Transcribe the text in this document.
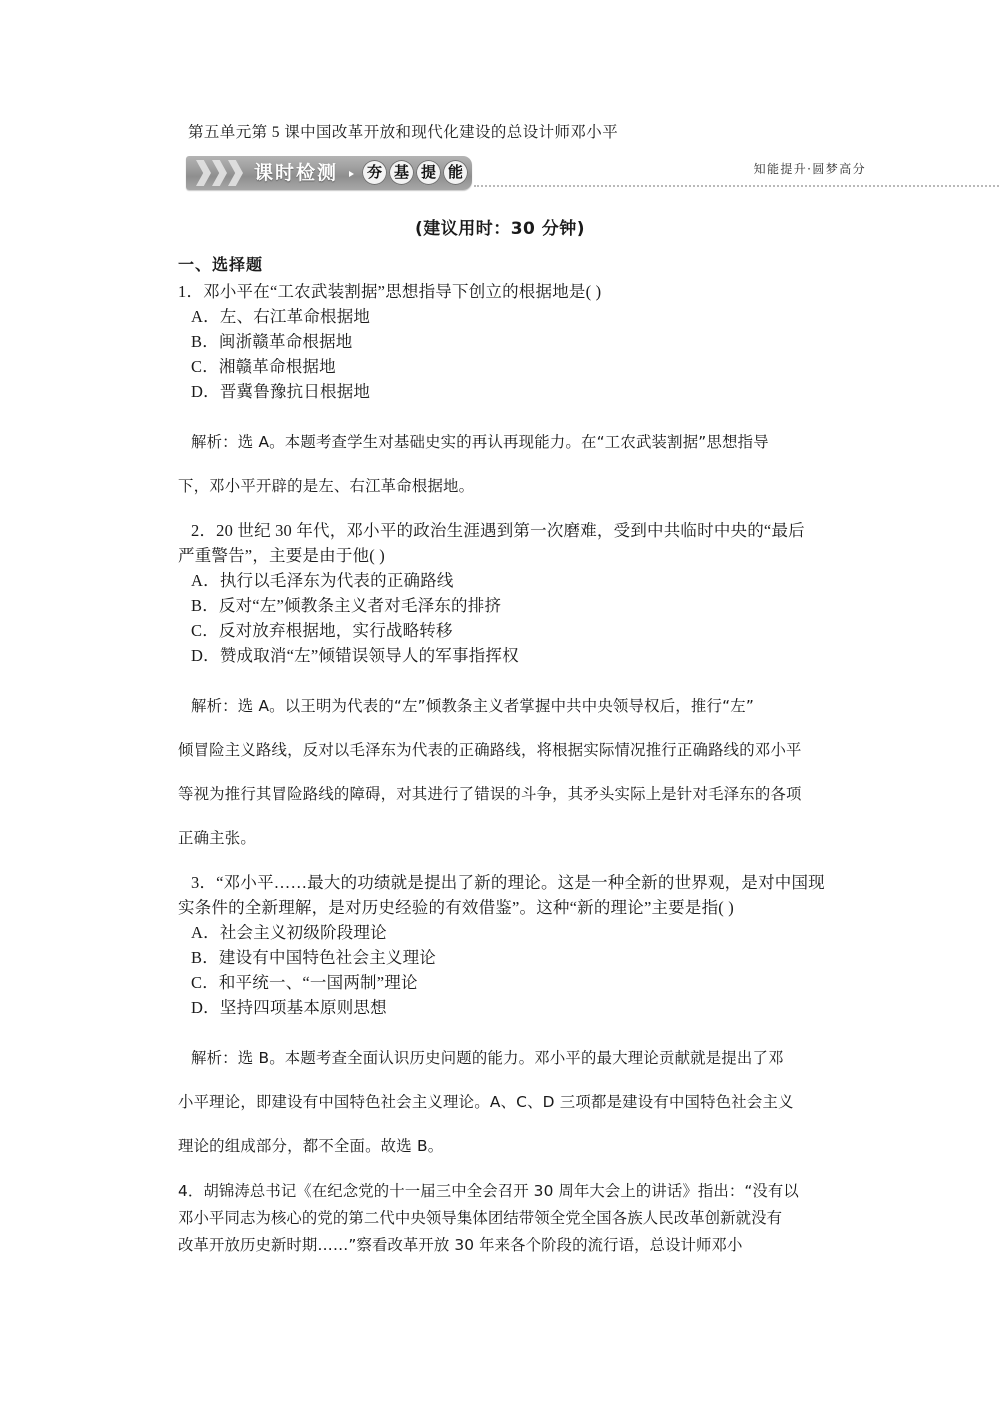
第五单元第 5 课中国改革开放和现代化建设的总设计师邓小平
课时检测	夯 基 提 能	知能提升·圆梦高分
(建议用时：30 分钟)
一、选择题
1．邓小平在“工农武装割据”思想指导下创立的根据地是( )
A．左、右江革命根据地
B．闽浙赣革命根据地
C．湘赣革命根据地
D．晋冀鲁豫抗日根据地
解析：选 A。本题考查学生对基础史实的再认再现能力。在“工农武装割据”思想指导
下，邓小平开辟的是左、右江革命根据地。
2．20 世纪 30 年代，邓小平的政治生涯遇到第一次磨难，受到中共临时中央的“最后
严重警告”，主要是由于他( )
A．执行以毛泽东为代表的正确路线
B．反对“左”倾教条主义者对毛泽东的排挤
C．反对放弃根据地，实行战略转移
D．赞成取消“左”倾错误领导人的军事指挥权
解析：选 A。以王明为代表的“左”倾教条主义者掌握中共中央领导权后，推行“左”
倾冒险主义路线，反对以毛泽东为代表的正确路线，将根据实际情况推行正确路线的邓小平
等视为推行其冒险路线的障碍，对其进行了错误的斗争，其矛头实际上是针对毛泽东的各项
正确主张。
3．“邓小平……最大的功绩就是提出了新的理论。这是一种全新的世界观，是对中国现
实条件的全新理解，是对历史经验的有效借鉴”。这种“新的理论”主要是指( )
A．社会主义初级阶段理论
B．建设有中国特色社会主义理论
C．和平统一、“一国两制”理论
D．坚持四项基本原则思想
解析：选 B。本题考查全面认识历史问题的能力。邓小平的最大理论贡献就是提出了邓
小平理论，即建设有中国特色社会主义理论。A、C、D 三项都是建设有中国特色社会主义
理论的组成部分，都不全面。故选 B。
4．胡锦涛总书记《在纪念党的十一届三中全会召开 30 周年大会上的讲话》指出：“没有以
邓小平同志为核心的党的第二代中央领导集体团结带领全党全国各族人民改革创新就没有
改革开放历史新时期……”察看改革开放 30 年来各个阶段的流行语，总设计师邓小
